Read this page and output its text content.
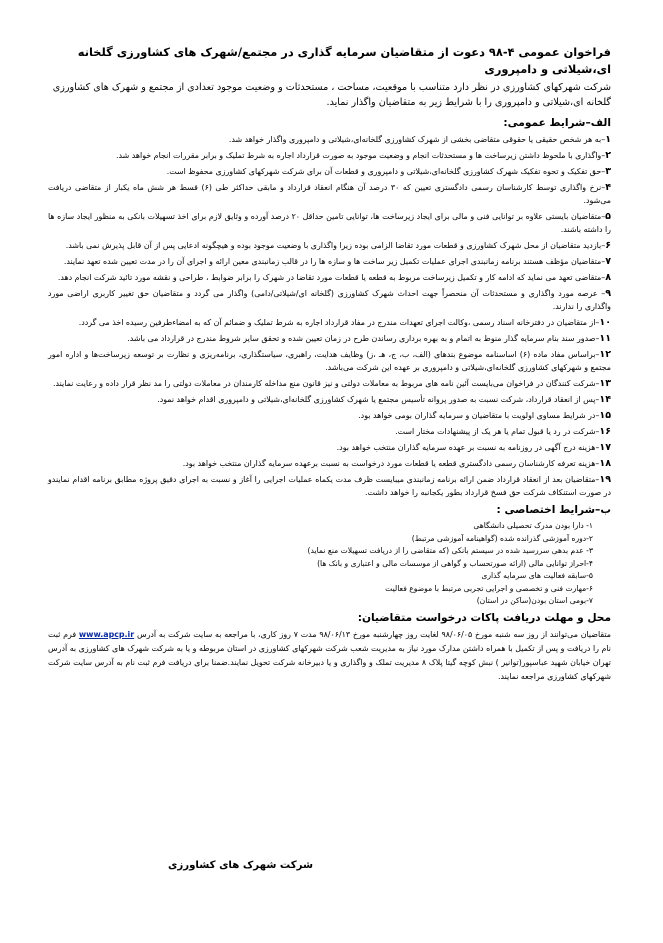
فراخوان عمومی ۴-۹۸ دعوت از متقاضیان سرمایه گذاری در مجتمع/شهرک های کشاورزی گلخانه ای،شیلاتی و دامپروری

شرکت شهرکهای کشاورزی در نظر دارد متناسب با موقعیت، مساحت ، مستحدثات و وضعیت موجود تعدادی از مجتمع و شهرک های کشاورزی گلخانه ای،شیلاتی و دامپروری را با شرایط زیر به متقاضیان واگذار نماید.

الف–شرایط عمومی:

۱–به هر شخص حقیقی یا حقوقی متقاضی بخشی از شهرک کشاورزی گلخانه‌ای،شیلاتی و دامپروری واگذار خواهد شد.

۲–واگذاری با ملحوظ داشتن زیرساخت ها و مستحدثات انجام و وضعیت موجود به صورت قرارداد اجاره به شرط تملیک و برابر مقررات انجام خواهد شد.

۳–حق تفکیک و تحوه تفکیک شهرک کشاورزی گلخانه‌ای،شیلاتی و دامپروری و قطعات آن برای شرکت شهرکهای کشاورزی محفوظ است.

۴–نرخ واگذاری توسط کارشناسان رسمی دادگستری تعیین که ۳۰ درصد آن هنگام انعقاد قرارداد و مابقی حداکثر طی (۶) قسط هر شش ماه یکبار از متقاضی دریافت می‌شود.

۵–متقاضیان بایستی علاوه بر توانایی فنی و مالی برای ایجاد زیرساخت ها، توانایی تامین حداقل ۲۰ درصد آورده و وثایق لازم برای اخذ تسهیلات بانکی به منظور ایجاد سازه ها را داشته باشند.

۶–بازدید متقاضیان از محل شهرک کشاورزی و قطعات مورد تقاضا الزامی بوده زیرا واگذاری با وضعیت موجود بوده و هیچگونه ادعایی پس از آن قابل پذیرش نمی باشد.

۷–متقاضیان مؤظف هستند برنامه زمانبندی اجرای عملیات تکمیل زیر ساخت ها و سازه ها را در قالب زمانبندی معین ارائه و اجرای آن را در مدت تعیین شده تعهد نمایند.

۸–متقاضی تعهد می نماید که ادامه کار و تکمیل زیرساخت مربوط به قطعه یا قطعات مورد تقاضا در شهرک را برابر ضوابط ، طراحی و نقشه مورد تائید شرکت انجام دهد.

۹– عرصه مورد واگذاری و مستحدثات آن منحصراً جهت احداث شهرک کشاورزی (گلخانه ای/شیلاتی/دامی) واگذار می گردد و متقاضیان حق تغییر کاربری اراضی مورد واگذاری را ندارند.

۱۰–از متقاضیان در دفترخانه اسناد رسمی ،وکالت اجرای تعهدات مندرج در مفاد قرارداد اجاره به شرط تملیک و ضمائم آن که به امضاءطرفین رسیده اخذ می گردد.

۱۱–صدور سند بنام سرمایه گذار منوط به اتمام و به بهره برداری رساندن طرح در زمان تعیین شده و تحقق سایر شروط مندرج در قرارداد می باشد.

۱۲–براساس مفاد ماده (۶) اساسنامه موضوع بندهای (الف، ب، ج، هـ ،ز) وظایف هدایت، راهبری، سیاستگذاری، برنامه‌ریزی و نظارت بر توسعه زیرساخت‌ها و اداره امور مجتمع و شهرکهای کشاورزی گلخانه‌ای،شیلاتی و دامپروری بر عهده این شرکت می‌باشد.

۱۳–شرکت کنندگان در فراخوان می‌بایست آئین نامه های مربوط به معاملات دولتی و نیز قانون منع مداخله کارمندان در معاملات دولتی را مد نظر قرار داده و رعایت نمایند.

۱۴–پس از انعقاد قرارداد، شرکت نسبت به صدور پروانه تأسیس مجتمع یا شهرک کشاورزی گلخانه‌ای،شیلاتی و دامپروری اقدام خواهد نمود.

۱۵–در شرایط مساوی اولویت با متقاضیان و سرمایه گذاران بومی خواهد بود.

۱۶–شرکت در رد یا قبول تمام یا هر یک از پیشنهادات مختار است.

۱۷–هزینه درج آگهی در روزنامه به نسبت بر عهده سرمایه گذاران منتخب خواهد بود.

۱۸–هزینه تعرفه کارشناسان رسمی دادگستری قطعه یا قطعات مورد درخواست به نسبت برعهده سرمایه گذاران منتخب خواهد بود.

۱۹–متقاضیان بعد از انعقاد قرارداد ضمن ارائه برنامه زمانبندی میبایست ظرف مدت یکماه عملیات اجرایی را آغاز و نسبت به اجرای دقیق پروژه مطابق برنامه اقدام نمایندو در صورت استنکاف شرکت حق فسخ قرارداد بطور یکجانبه را خواهد داشت.

ب–شرایط اختصاصی :
۱- دارا بودن مدرک تحصیلی دانشگاهی
۲-دوره آموزشی گذرانده شده (گواهینامه آموزشی مرتبط)
۳- عدم بدهی سررسید شده در سیستم بانکی (که متقاضی را از دریافت تسهیلات منع نماید)
۴-احراز توانایی مالی (ارائه صورتحساب و گواهی از موسسات مالی و اعتباری و بانک ها)
۵-سابقه فعالیت های سرمایه گذاری
۶-مهارت فنی و تخصصی و اجرایی تجربی مرتبط با موضوع فعالیت
۷-بومی استان بودن(ساکن در استان)
محل و مهلت دریافت پاکات درخواست متقاضیان:

متقاضیان می‌توانند از روز سه شنبه مورخ ۹۸/۰۶/۰۵ لغایت روز چهارشنبه مورخ ۹۸/۰۶/۱۳ مدت ۷ روز کاری، با مراجعه به سایت شرکت به آدرس www.apcp.ir فرم ثبت نام را دریافت و پس از تکمیل با همراه داشتن مدارک مورد نیاز به مدیریت شعب شرکت شهرکهای کشاورزی در استان مربوطه و یا به شرکت شهرک های کشاورزی به آدرس تهران خیابان شهید عباسپور(توانیر ) نبش کوچه گیتا پلاک ۸ مدیریت تملک و واگذاری و یا دبیرخانه شرکت تحویل نمایند.ضمنا برای دریافت فرم ثبت نام به آدرس سایت شرکت شهرکهای کشاورزی مراجعه نمایند.

شرکت شهرک های کشاورزی
